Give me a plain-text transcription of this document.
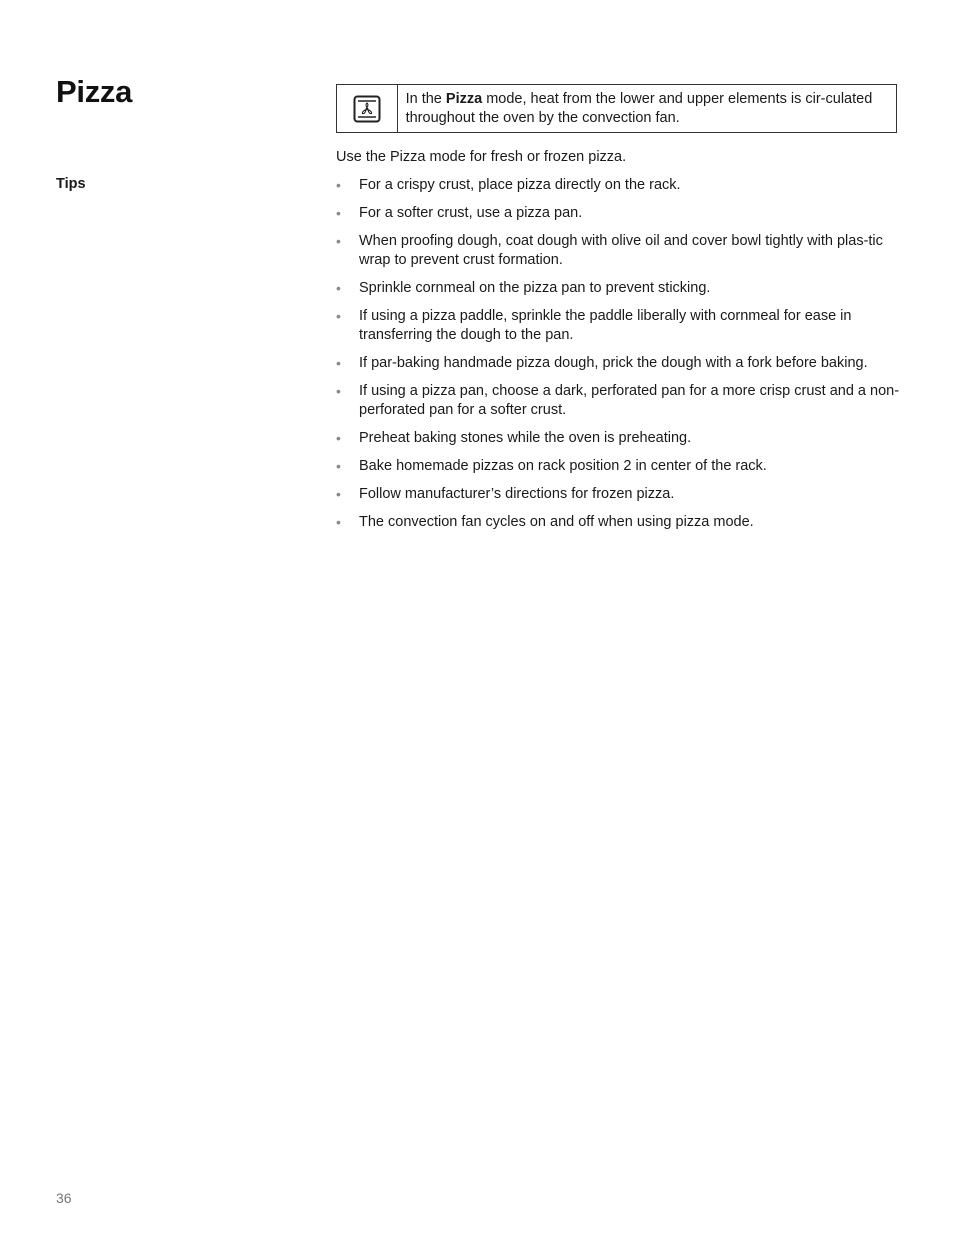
Pizza	In the Pizza mode, heat from the lower and upper elements is cir-culated throughout the oven by the convection fan.

Use the Pizza mode for fresh or frozen pizza.

Tips	• For a crispy crust, place pizza directly on the rack.
• For a softer crust, use a pizza pan.
• When proofing dough, coat dough with olive oil and cover bowl tightly with plas-tic wrap to prevent crust formation.
• Sprinkle cornmeal on the pizza pan to prevent sticking.
• If using a pizza paddle, sprinkle the paddle liberally with cornmeal for ease in transferring the dough to the pan.
• If par-baking handmade pizza dough, prick the dough with a fork before baking.
• If using a pizza pan, choose a dark, perforated pan for a more crisp crust and a non-perforated pan for a softer crust.
• Preheat baking stones while the oven is preheating.
• Bake homemade pizzas on rack position 2 in center of the rack.
• Follow manufacturer’s directions for frozen pizza.
• The convection fan cycles on and off when using pizza mode.

36
